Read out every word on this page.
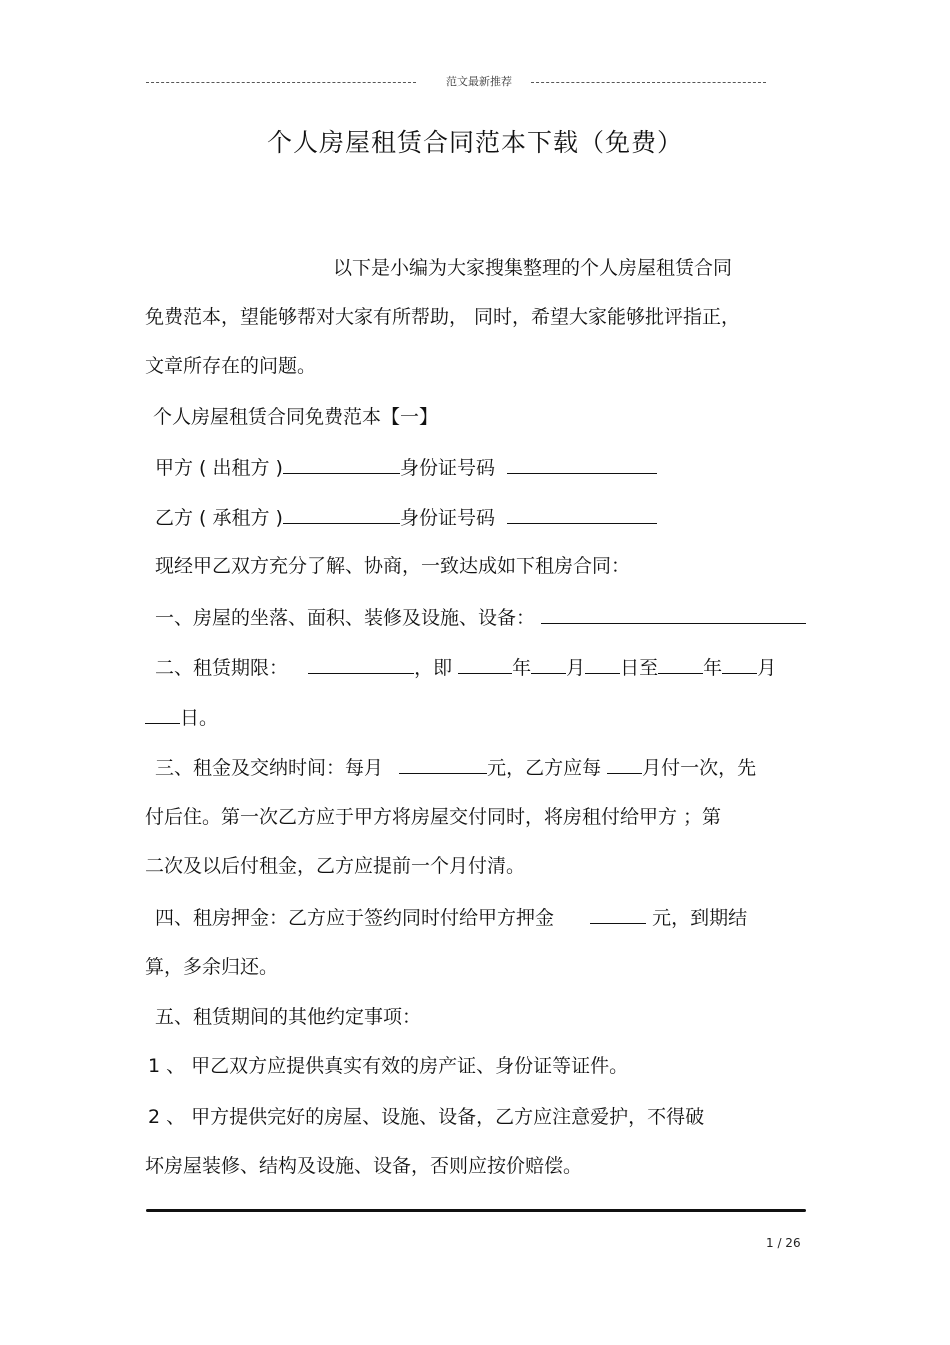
范文最新推荐
个人房屋租赁合同范本下载（免费）
以下是小编为大家搜集整理的个人房屋租赁合同
免费范本，望能够帮对大家有所帮助， 同时，希望大家能够批评指正，
文章所存在的问题。
个人房屋租赁合同免费范本【一】
甲方 ( 出租方 )	身份证号码
乙方 ( 承租方 )	身份证号码
现经甲乙双方充分了解、协商，一致达成如下租房合同：
一、房屋的坐落、面积、装修及设施、设备：
二、租赁期限：	，即	年 月 日至 年 月
日。
三、租金及交纳时间：每月	元，乙方应每 月付一次，先
付后住。第一次乙方应于甲方将房屋交付同时，将房租付给甲方 ；第
二次及以后付租金，乙方应提前一个月付清。
四、租房押金：乙方应于签约同时付给甲方押金	元，到期结
算，多余归还。
五、租赁期间的其他约定事项：
1 、 甲乙双方应提供真实有效的房产证、身份证等证件。
2 、 甲方提供完好的房屋、设施、设备，乙方应注意爱护，不得破
坏房屋装修、结构及设施、设备，否则应按价赔偿。
1 / 26
